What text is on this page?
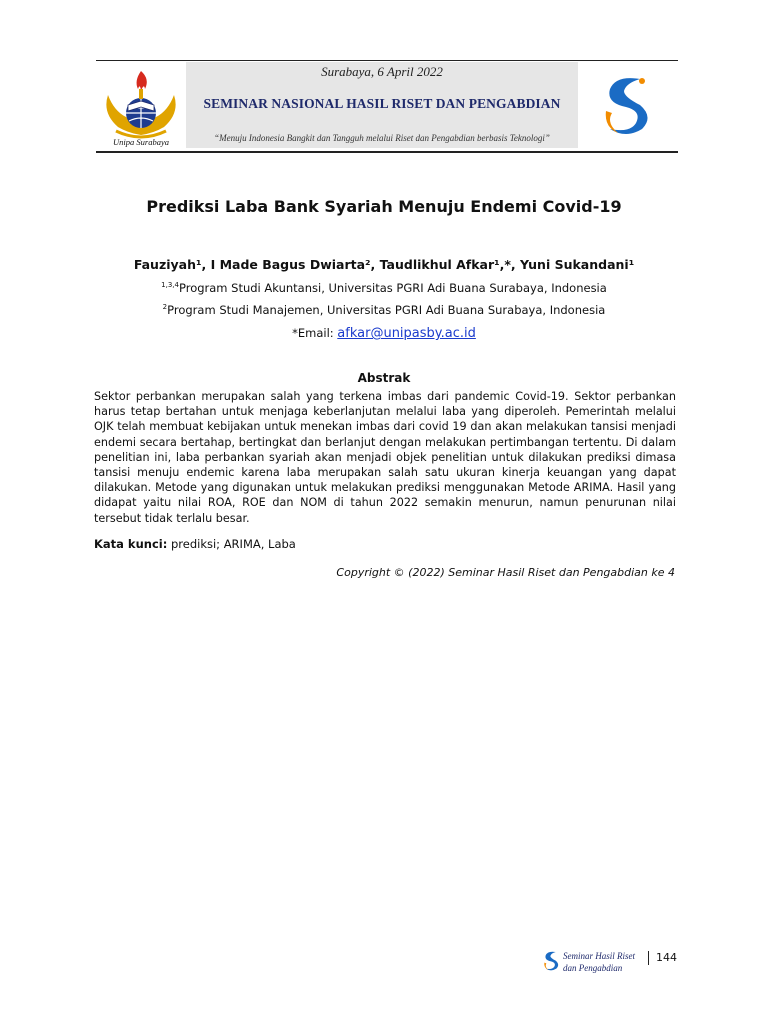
Unipa Surabaya
Surabaya, 6 April 2022
SEMINAR NASIONAL HASIL RISET DAN PENGABDIAN
“Menuju Indonesia Bangkit dan Tangguh melalui Riset dan Pengabdian berbasis Teknologi”
Prediksi Laba Bank Syariah Menuju Endemi Covid-19
Fauziyah¹, I Made Bagus Dwiarta², Taudlikhul Afkar¹,*, Yuni Sukandani¹
$^{1,3,4}$Program Studi Akuntansi, Universitas PGRI Adi Buana Surabaya, Indonesia
$^2$Program Studi Manajemen, Universitas PGRI Adi Buana Surabaya, Indonesia
*Email: afkar@unipasby.ac.id
Abstrak
Sektor perbankan merupakan salah yang terkena imbas dari pandemic Covid-19. Sektor perbankan harus tetap bertahan untuk menjaga keberlanjutan melalui laba yang diperoleh. Pemerintah melalui OJK telah membuat kebijakan untuk menekan imbas dari covid 19 dan akan melakukan tansisi menjadi endemi secara bertahap, bertingkat dan berlanjut dengan melakukan pertimbangan tertentu. Di dalam penelitian ini, laba perbankan syariah akan menjadi objek penelitian untuk dilakukan prediksi dimasa tansisi menuju endemic karena laba merupakan salah satu ukuran kinerja keuangan yang dapat dilakukan. Metode yang digunakan untuk melakukan prediksi menggunakan Metode ARIMA. Hasil yang didapat yaitu nilai ROA, ROE dan NOM di tahun 2022 semakin menurun, namun penurunan nilai tersebut tidak terlalu besar.
Kata kunci: prediksi; ARIMA, Laba
Copyright © (2022) Seminar Hasil Riset dan Pengabdian ke 4
Seminar Hasil Riset
dan Pengabdian
144
